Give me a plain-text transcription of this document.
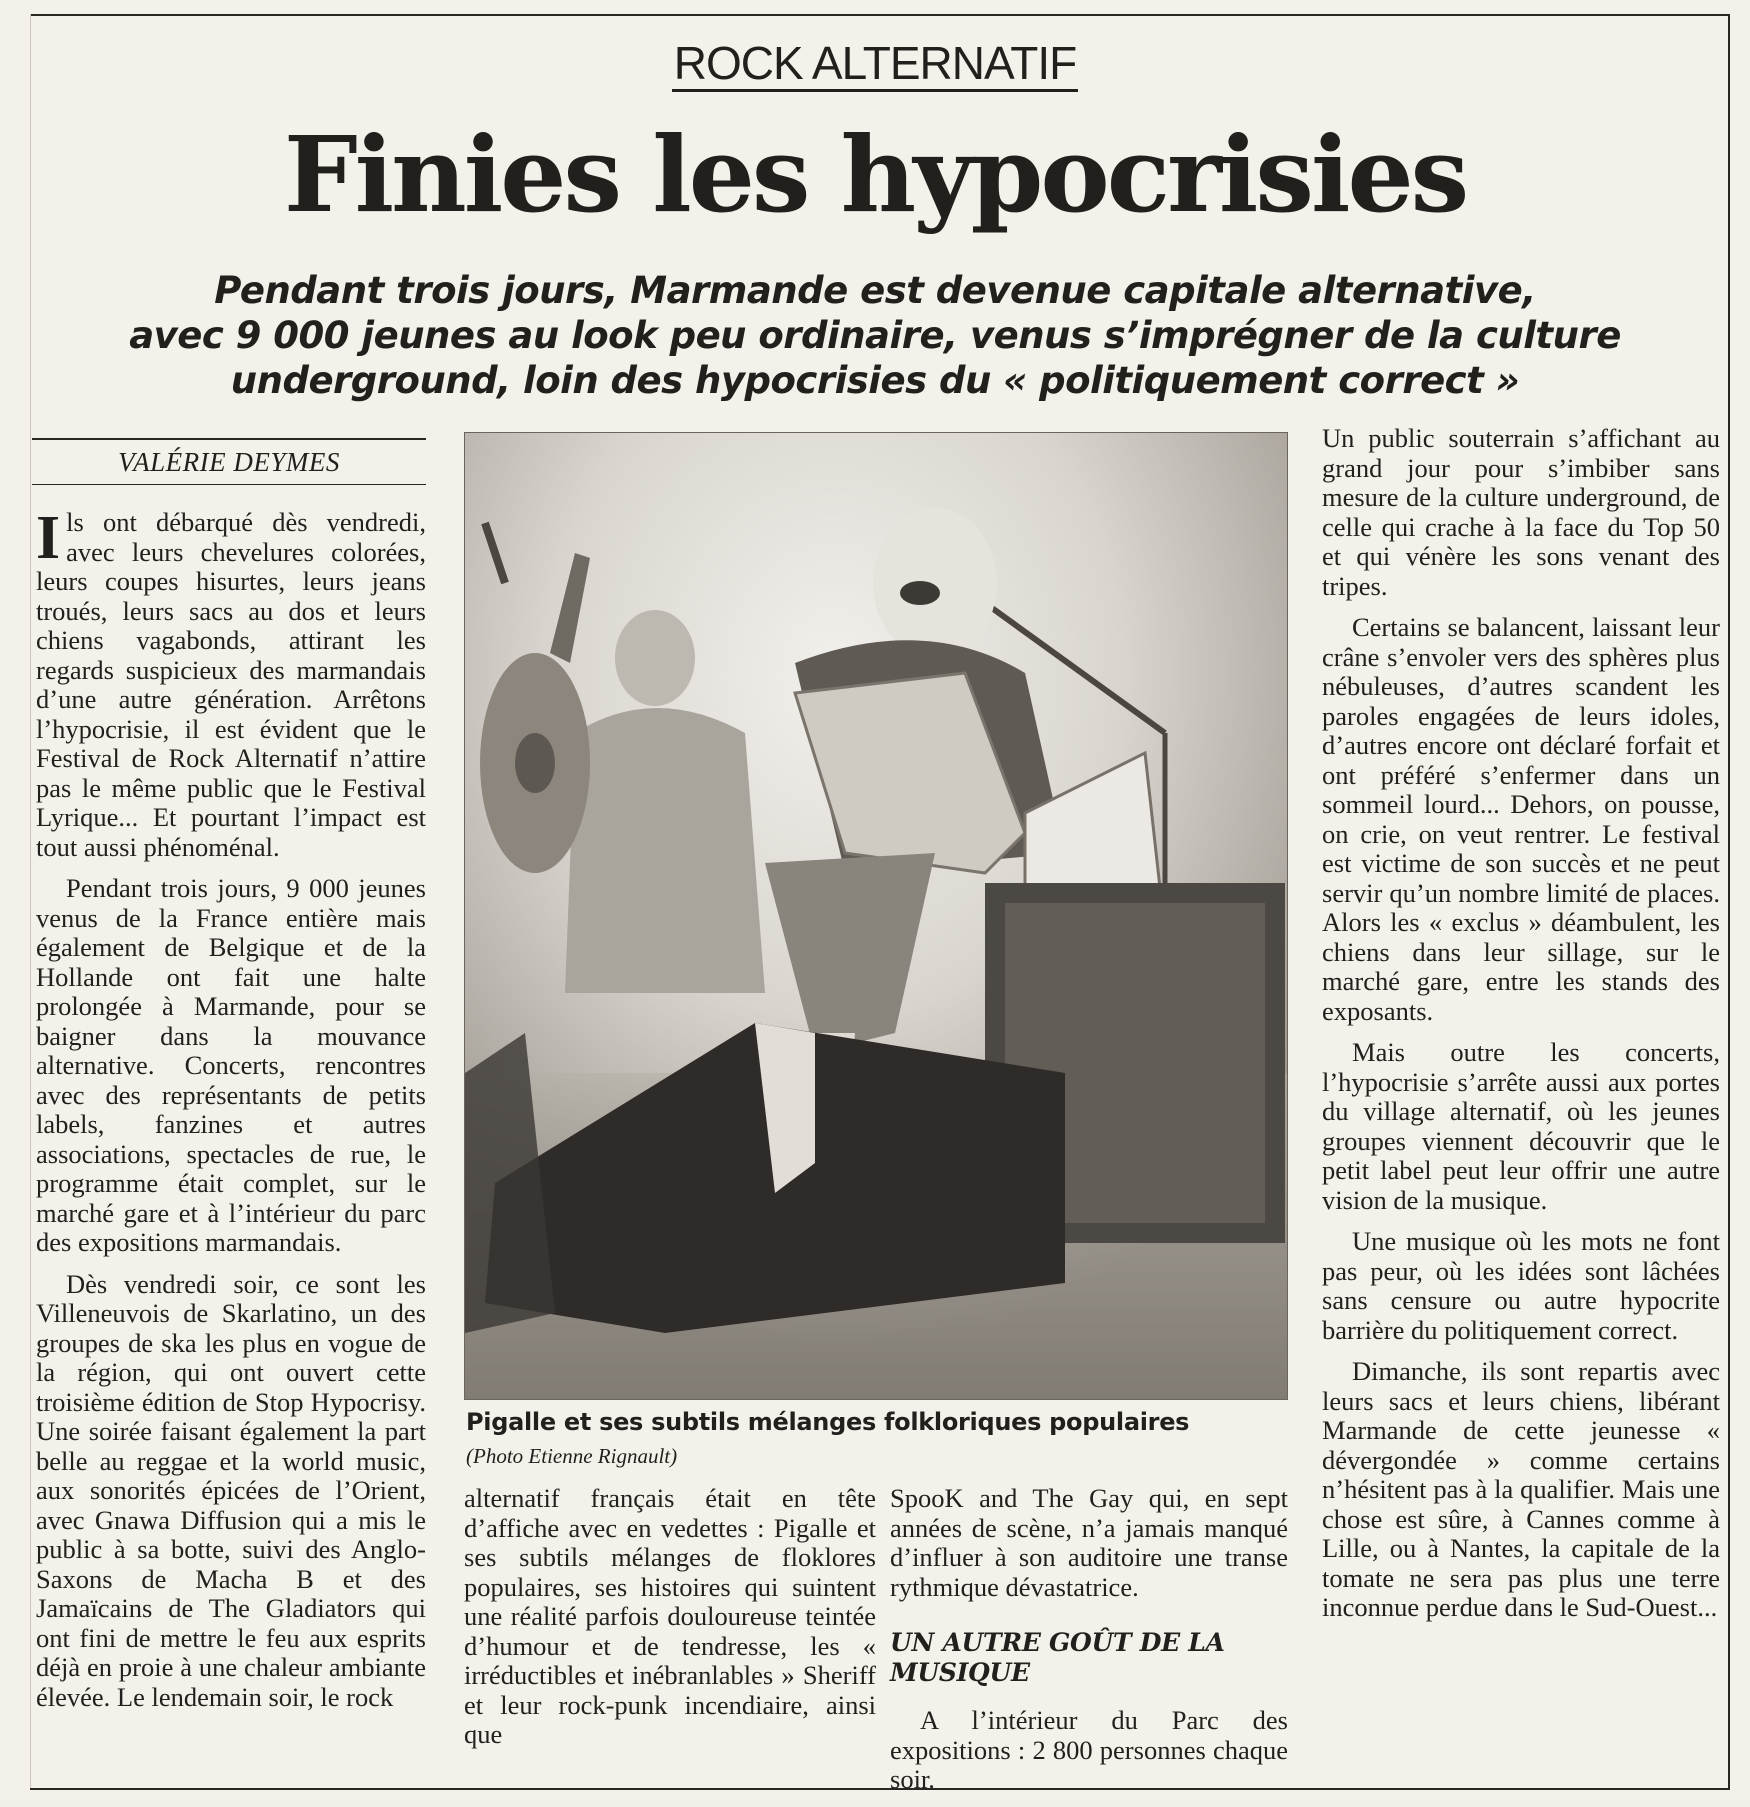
ROCK ALTERNATIF
Finies les hypocrisies
Pendant trois jours, Marmande est devenue capitale alternative,
avec 9 000 jeunes au look peu ordinaire, venus s’imprégner de la culture
underground, loin des hypocrisies du « politiquement correct »
VALÉRIE DEYMES

Ils ont débarqué dès vendredi, avec leurs chevelures colorées, leurs coupes hisurtes, leurs jeans troués, leurs sacs au dos et leurs chiens vagabonds, attirant les regards suspicieux des marmandais d’une autre génération. Arrêtons l’hypocrisie, il est évident que le Festival de Rock Alternatif n’attire pas le même public que le Festival Lyrique... Et pourtant l’impact est tout aussi phénoménal.

Pendant trois jours, 9 000 jeunes venus de la France entière mais également de Belgique et de la Hollande ont fait une halte prolongée à Marmande, pour se baigner dans la mouvance alternative. Concerts, rencontres avec des représentants de petits labels, fanzines et autres associations, spectacles de rue, le programme était complet, sur le marché gare et à l’intérieur du parc des expositions marmandais.

Dès vendredi soir, ce sont les Villeneuvois de Skarlatino, un des groupes de ska les plus en vogue de la région, qui ont ouvert cette troisième édition de Stop Hypocrisy. Une soirée faisant également la part belle au reggae et la world music, aux sonorités épicées de l’Orient, avec Gnawa Diffusion qui a mis le public à sa botte, suivi des Anglo-Saxons de Macha B et des Jamaïcains de The Gladiators qui ont fini de mettre le feu aux esprits déjà en proie à une chaleur ambiante élevée. Le lendemain soir, le rock

Pigalle et ses subtils mélanges folkloriques populaires
(Photo Etienne Rignault)

alternatif français était en tête d’affiche avec en vedettes : Pigalle et ses subtils mélanges de floklores populaires, ses histoires qui suintent une réalité parfois douloureuse teintée d’humour et de tendresse, les « irréductibles et inébranlables » Sheriff et leur rock-punk incendiaire, ainsi que

SpooK and The Gay qui, en sept années de scène, n’a jamais manqué d’influer à son auditoire une transe rythmique dévastatrice.

UN AUTRE GOÛT DE LA MUSIQUE

A l’intérieur du Parc des expositions : 2 800 personnes chaque soir.

Un public souterrain s’affichant au grand jour pour s’imbiber sans mesure de la culture underground, de celle qui crache à la face du Top 50 et qui vénère les sons venant des tripes.

Certains se balancent, laissant leur crâne s’envoler vers des sphères plus nébuleuses, d’autres scandent les paroles engagées de leurs idoles, d’autres encore ont déclaré forfait et ont préféré s’enfermer dans un sommeil lourd... Dehors, on pousse, on crie, on veut rentrer. Le festival est victime de son succès et ne peut servir qu’un nombre limité de places. Alors les « exclus » déambulent, les chiens dans leur sillage, sur le marché gare, entre les stands des exposants.

Mais outre les concerts, l’hypocrisie s’arrête aussi aux portes du village alternatif, où les jeunes groupes viennent découvrir que le petit label peut leur offrir une autre vision de la musique.

Une musique où les mots ne font pas peur, où les idées sont lâchées sans censure ou autre hypocrite barrière du politiquement correct.

Dimanche, ils sont repartis avec leurs sacs et leurs chiens, libérant Marmande de cette jeunesse « dévergondée » comme certains n’hésitent pas à la qualifier. Mais une chose est sûre, à Cannes comme à Lille, ou à Nantes, la capitale de la tomate ne sera pas plus une terre inconnue perdue dans le Sud-Ouest...
